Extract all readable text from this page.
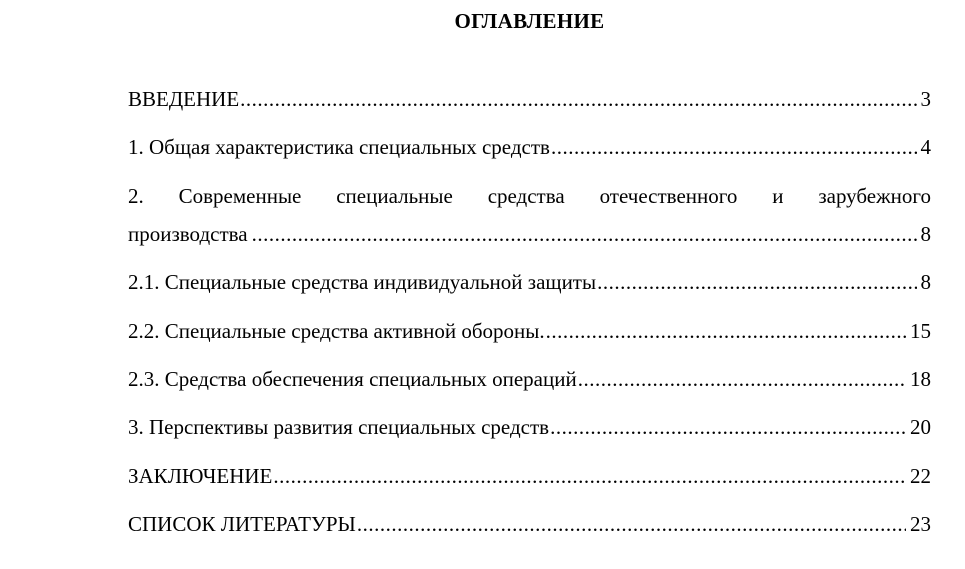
ОГЛАВЛЕНИЕ
ВВЕДЕНИЕ .....	3
1. Общая характеристика специальных средств .....	4
2. Современные специальные средства отечественного и зарубежного
производства .....	8
2.1. Специальные средства индивидуальной защиты .....	8
2.2. Специальные средства активной обороны. .....	15
2.3. Средства обеспечения специальных операций .....	18
3. Перспективы развития специальных средств .....	20
ЗАКЛЮЧЕНИЕ .....	22
СПИСОК ЛИТЕРАТУРЫ .....	23
